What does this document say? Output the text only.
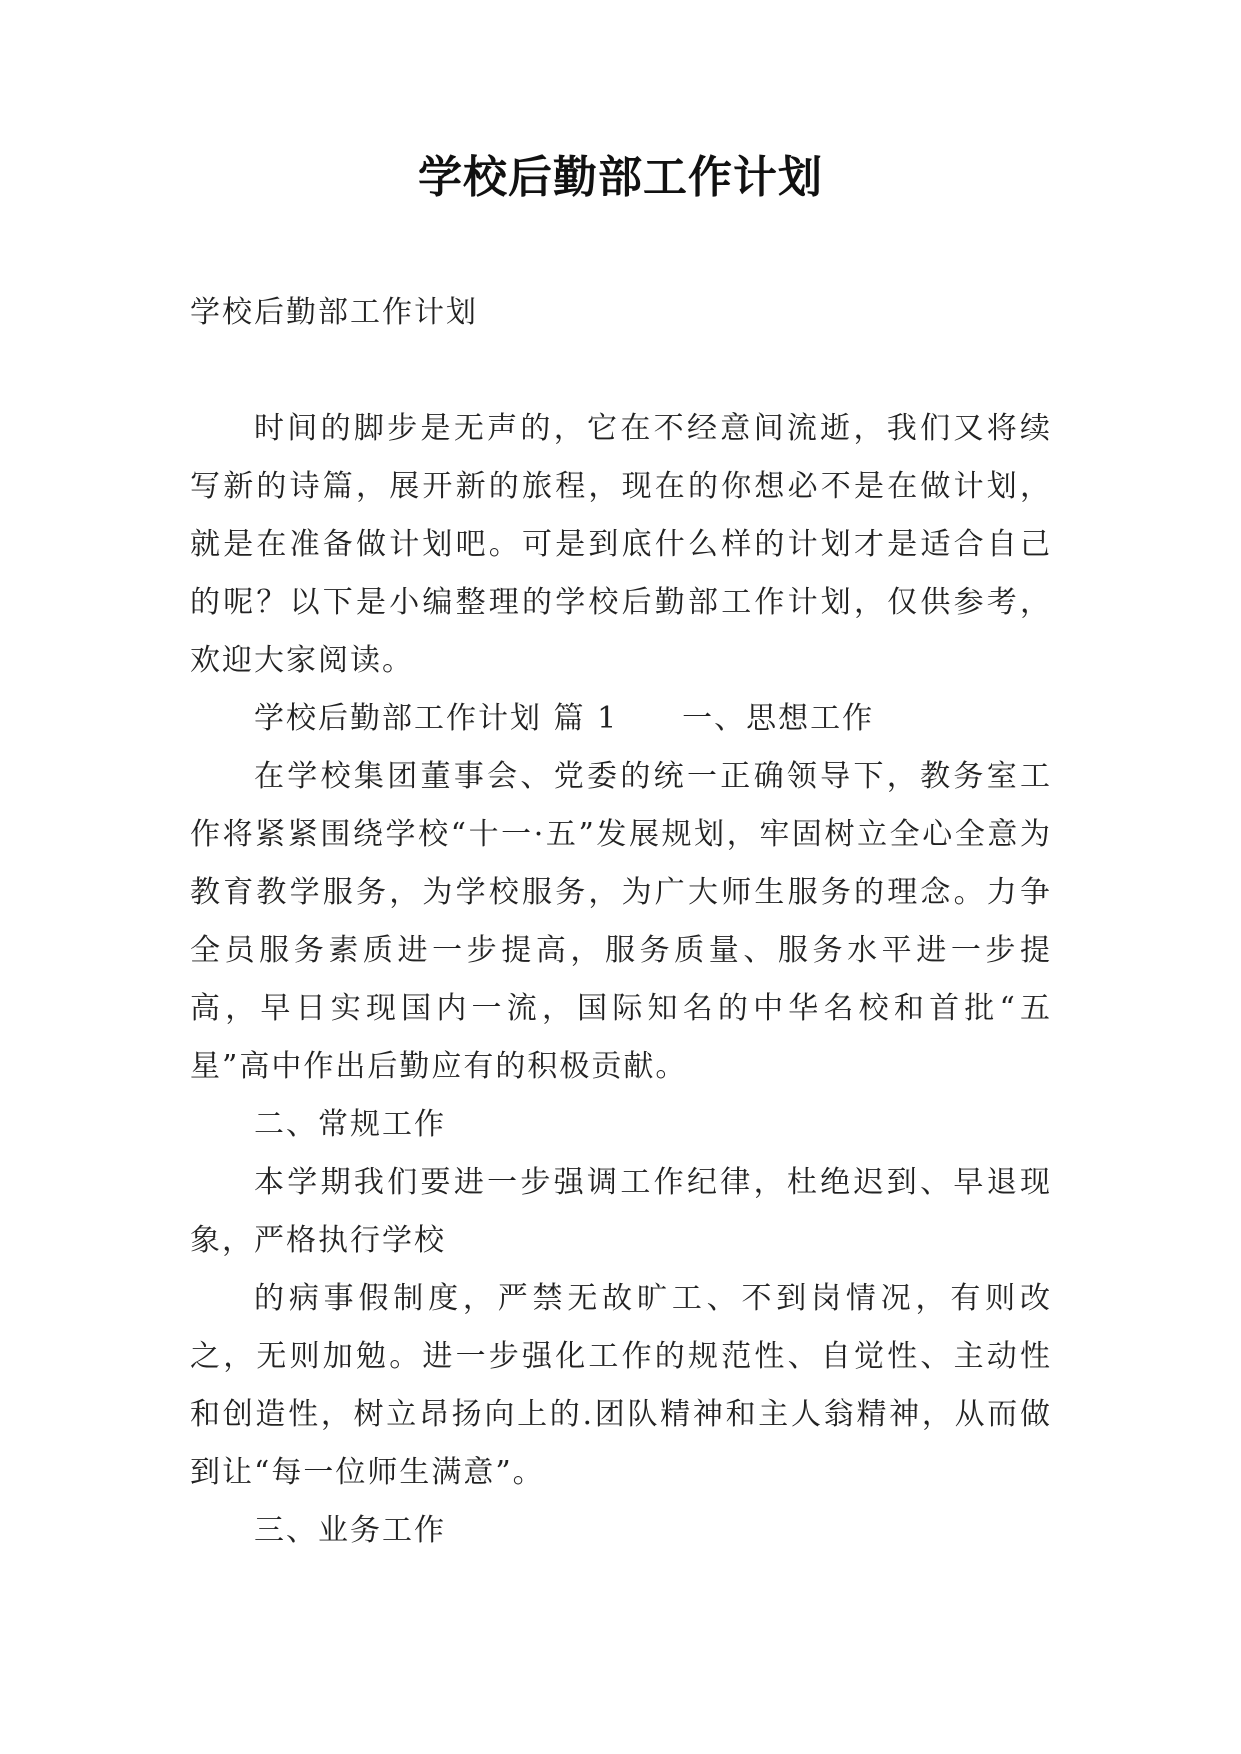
学校后勤部工作计划
学校后勤部工作计划

时间的脚步是无声的，它在不经意间流逝，我们又将续写新的诗篇，展开新的旅程，现在的你想必不是在做计划，就是在准备做计划吧。可是到底什么样的计划才是适合自己的呢？以下是小编整理的学校后勤部工作计划，仅供参考，欢迎大家阅读。

学校后勤部工作计划 篇 1　　一、思想工作

在学校集团董事会、党委的统一正确领导下，教务室工作将紧紧围绕学校“十一·五”发展规划，牢固树立全心全意为教育教学服务，为学校服务，为广大师生服务的理念。力争全员服务素质进一步提高，服务质量、服务水平进一步提高，早日实现国内一流，国际知名的中华名校和首批“五星”高中作出后勤应有的积极贡献。

二、常规工作

本学期我们要进一步强调工作纪律，杜绝迟到、早退现象，严格执行学校

的病事假制度，严禁无故旷工、不到岗情况，有则改之，无则加勉。进一步强化工作的规范性、自觉性、主动性和创造性，树立昂扬向上的.团队精神和主人翁精神，从而做到让“每一位师生满意”。

三、业务工作
